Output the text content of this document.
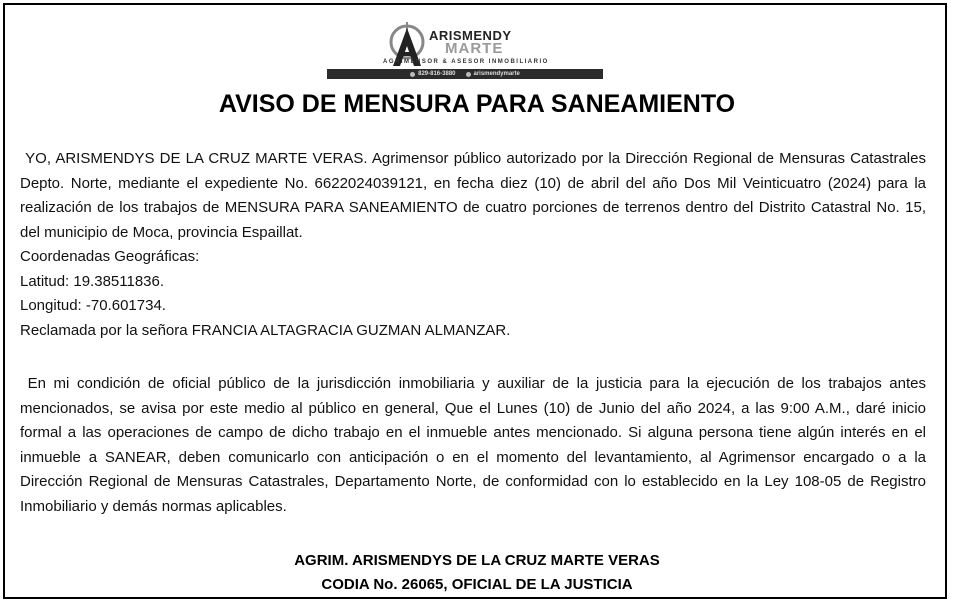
ARISMENDY
MARTE
AGRIMENSOR & ASESOR INMOBILIARIO
829-816-3880	arismendymarte
AVISO DE MENSURA PARA SANEAMIENTO

YO, ARISMENDYS DE LA CRUZ MARTE VERAS. Agrimensor público autorizado por la Dirección Regional de Mensuras Catastrales Depto. Norte, mediante el expediente No. 6622024039121, en fecha diez (10) de abril del año Dos Mil Veinticuatro (2024) para la realización de los trabajos de MENSURA PARA SANEAMIENTO de cuatro porciones de terrenos dentro del Distrito Catastral No. 15, del municipio de Moca, provincia Espaillat.

Coordenadas Geográficas:

Latitud: 19.38511836.

Longitud: -70.601734.

Reclamada por la señora FRANCIA ALTAGRACIA GUZMAN ALMANZAR.

En mi condición de oficial público de la jurisdicción inmobiliaria y auxiliar de la justicia para la ejecución de los trabajos antes mencionados, se avisa por este medio al público en general, Que el Lunes (10) de Junio del año 2024, a las 9:00 A.M., daré inicio formal a las operaciones de campo de dicho trabajo en el inmueble antes mencionado. Si alguna persona tiene algún interés en el inmueble a SANEAR, deben comunicarlo con anticipación o en el momento del levantamiento, al Agrimensor encargado o a la Dirección Regional de Mensuras Catastrales, Departamento Norte, de conformidad con lo establecido en la Ley 108-05 de Registro Inmobiliario y demás normas aplicables.

AGRIM. ARISMENDYS DE LA CRUZ MARTE VERAS
CODIA No. 26065, OFICIAL DE LA JUSTICIA
